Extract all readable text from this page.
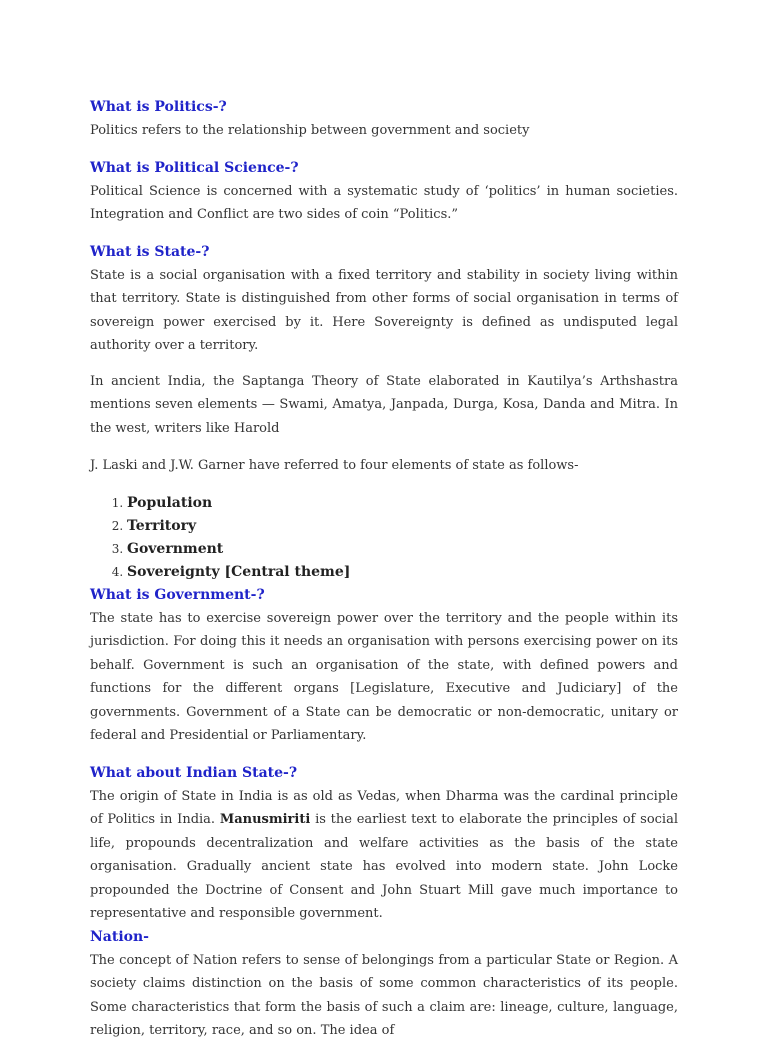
What is Politics-?

Politics refers to the relationship between government and society

What is Political Science-?

Political Science is concerned with a systematic study of ‘politics’ in human societies. Integration and Conflict are two sides of coin “Politics.”

What is State-?

State is a social organisation with a fixed territory and stability in society living within that territory. State is distinguished from other forms of social organisation in terms of sovereign power exercised by it. Here Sovereignty is defined as undisputed legal authority over a territory.

In ancient India, the Saptanga Theory of State elaborated in Kautilya’s Arthshastra mentions seven elements — Swami, Amatya, Janpada, Durga, Kosa, Danda and Mitra. In the west, writers like Harold

J. Laski and J.W. Garner have referred to four elements of state as follows-

1. Population
2. Territory
3. Government
4. Sovereignty [Central theme]
What is Government-?

The state has to exercise sovereign power over the territory and the people within its jurisdiction. For doing this it needs an organisation with persons exercising power on its behalf. Government is such an organisation of the state, with defined powers and functions for the different organs [Legislature, Executive and Judiciary] of the governments. Government of a State can be democratic or non-democratic, unitary or federal and Presidential or Parliamentary.

What about Indian State-?

The origin of State in India is as old as Vedas, when Dharma was the cardinal principle of Politics in India. Manusmiriti is the earliest text to elaborate the principles of social life, propounds decentralization and welfare activities as the basis of the state organisation. Gradually ancient state has evolved into modern state. John Locke propounded the Doctrine of Consent and John Stuart Mill gave much importance to representative and responsible government.

Nation-

The concept of Nation refers to sense of belongings from a particular State or Region. A society claims distinction on the basis of some common characteristics of its people. Some characteristics that form the basis of such a claim are: lineage, culture, language, religion, territory, race, and so on. The idea of
